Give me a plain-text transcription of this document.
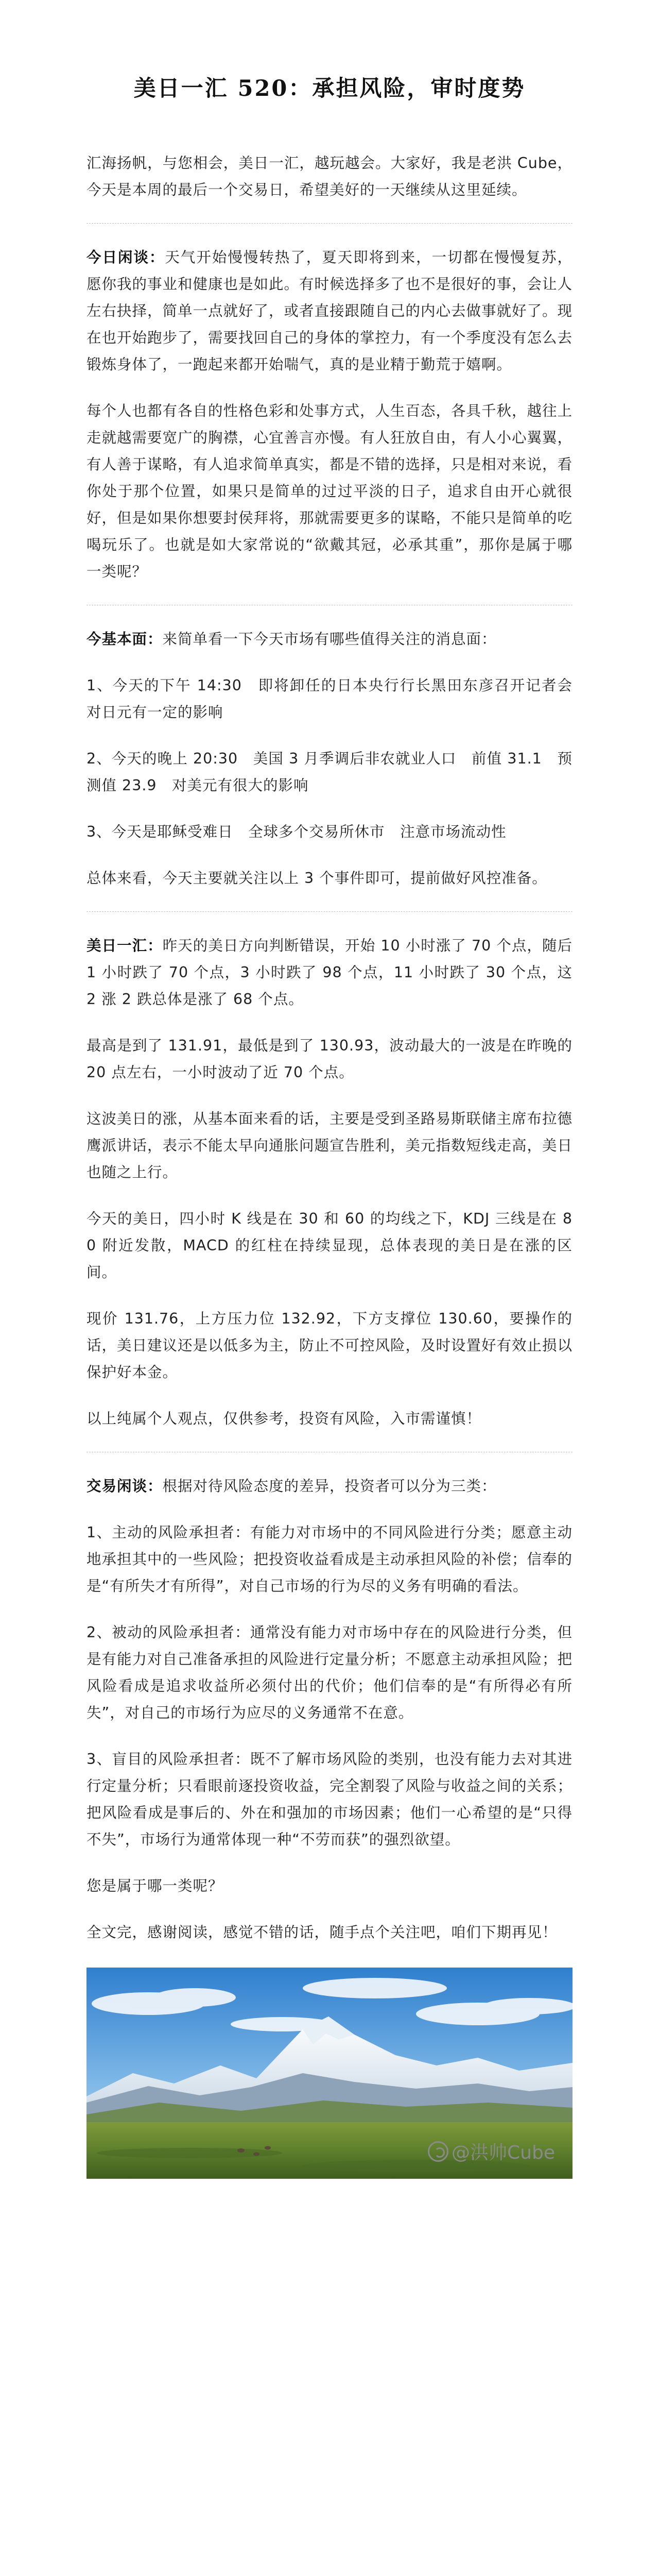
美日一汇 520：承担风险，审时度势

汇海扬帆，与您相会，美日一汇，越玩越会。大家好，我是老洪 Cube，今天是本周的最后一个交易日，希望美好的一天继续从这里延续。

今日闲谈：天气开始慢慢转热了，夏天即将到来，一切都在慢慢复苏，愿你我的事业和健康也是如此。有时候选择多了也不是很好的事，会让人左右抉择，简单一点就好了，或者直接跟随自己的内心去做事就好了。现在也开始跑步了，需要找回自己的身体的掌控力，有一个季度没有怎么去锻炼身体了，一跑起来都开始喘气，真的是业精于勤荒于嬉啊。

每个人也都有各自的性格色彩和处事方式，人生百态，各具千秋，越往上走就越需要宽广的胸襟，心宜善言亦慢。有人狂放自由，有人小心翼翼，有人善于谋略，有人追求简单真实，都是不错的选择，只是相对来说，看你处于那个位置，如果只是简单的过过平淡的日子，追求自由开心就很好，但是如果你想要封侯拜将，那就需要更多的谋略，不能只是简单的吃喝玩乐了。也就是如大家常说的“欲戴其冠，必承其重”，那你是属于哪一类呢？

今基本面：来简单看一下今天市场有哪些值得关注的消息面：

1、今天的下午 14:30　即将卸任的日本央行行长黑田东彦召开记者会　对日元有一定的影响

2、今天的晚上 20:30　美国 3 月季调后非农就业人口　前值 31.1　预测值 23.9　对美元有很大的影响

3、今天是耶稣受难日　全球多个交易所休市　注意市场流动性

总体来看，今天主要就关注以上 3 个事件即可，提前做好风控准备。

美日一汇：昨天的美日方向判断错误，开始 10 小时涨了 70 个点，随后 1 小时跌了 70 个点，3 小时跌了 98 个点，11 小时跌了 30 个点，这 2 涨 2 跌总体是涨了 68 个点。

最高是到了 131.91，最低是到了 130.93，波动最大的一波是在昨晚的 20 点左右，一小时波动了近 70 个点。

这波美日的涨，从基本面来看的话，主要是受到圣路易斯联储主席布拉德鹰派讲话，表示不能太早向通胀问题宣告胜利，美元指数短线走高，美日也随之上行。

今天的美日，四小时 K 线是在 30 和 60 的均线之下，KDJ 三线是在 80 附近发散，MACD 的红柱在持续显现，总体表现的美日是在涨的区间。

现价 131.76，上方压力位 132.92，下方支撑位 130.60，要操作的话，美日建议还是以低多为主，防止不可控风险，及时设置好有效止损以保护好本金。

以上纯属个人观点，仅供参考，投资有风险，入市需谨慎！

交易闲谈：根据对待风险态度的差异，投资者可以分为三类：

1、主动的风险承担者：有能力对市场中的不同风险进行分类；愿意主动地承担其中的一些风险；把投资收益看成是主动承担风险的补偿；信奉的是“有所失才有所得”，对自己市场的行为尽的义务有明确的看法。

2、被动的风险承担者：通常没有能力对市场中存在的风险进行分类，但是有能力对自己准备承担的风险进行定量分析；不愿意主动承担风险；把风险看成是追求收益所必须付出的代价；他们信奉的是“有所得必有所失”，对自己的市场行为应尽的义务通常不在意。

3、盲目的风险承担者：既不了解市场风险的类别，也没有能力去对其进行定量分析；只看眼前逐投资收益，完全割裂了风险与收益之间的关系；把风险看成是事后的、外在和强加的市场因素；他们一心希望的是“只得不失”，市场行为通常体现一种“不劳而获”的强烈欲望。

您是属于哪一类呢？

全文完，感谢阅读，感觉不错的话，随手点个关注吧，咱们下期再见！

@洪帅Cube
